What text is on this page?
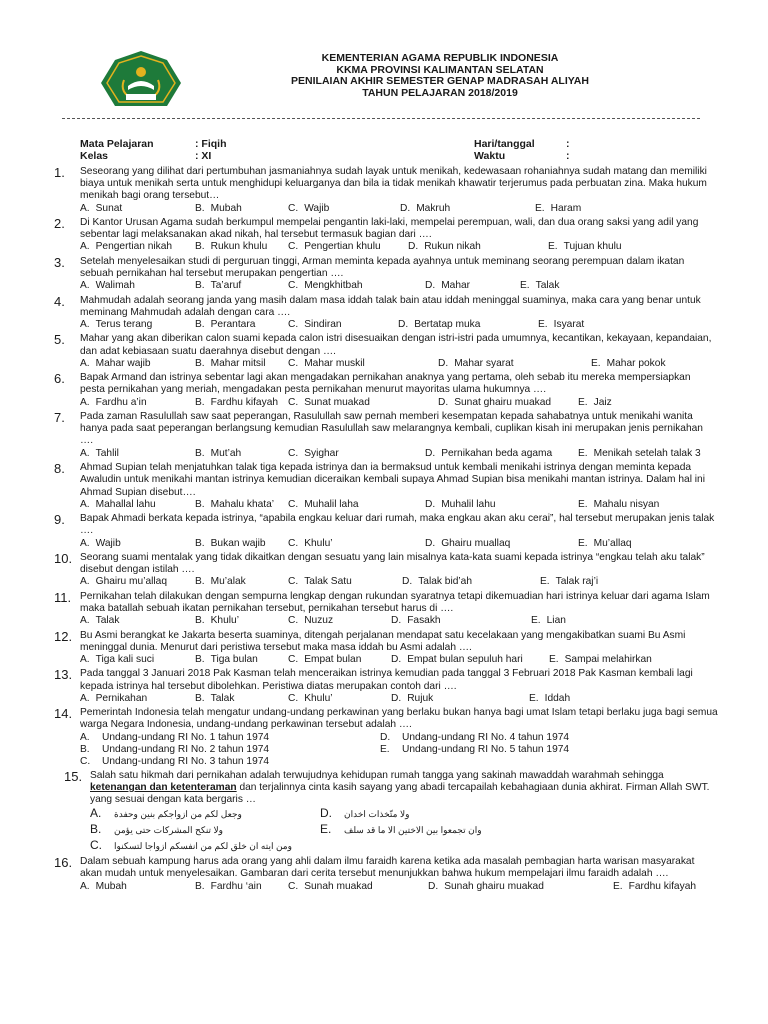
KEMENTERIAN AGAMA REPUBLIK INDONESIA
KKMA PROVINSI KALIMANTAN SELATAN
PENILAIAN AKHIR SEMESTER GENAP MADRASAH ALIYAH
TAHUN PELAJARAN 2018/2019
Mata Pelajaran	: Fiqih
Kelas	: XI
Hari/tanggal	:
Waktu	:
1. Seseorang yang dilihat dari pertumbuhan jasmaniahnya sudah layak untuk menikah, kedewasaan rohaniahnya sudah matang dan memiliki biaya untuk menikah serta untuk menghidupi keluarganya dan bila ia tidak menikah khawatir terjerumus pada perbuatan zina. Maka hukum menikah bagi orang tersebut…
A. Sunat	B. Mubah	C. Wajib	D. Makruh	E. Haram
2. Di Kantor Urusan Agama sudah berkumpul mempelai pengantin laki-laki, mempelai perempuan, wali, dan dua orang saksi yang adil yang sebentar lagi melaksanakan akad nikah, hal tersebut termasuk bagian dari ….
A. Pengertian nikah	B. Rukun khulu	C. Pengertian khulu	D. Rukun nikah	E. Tujuan khulu
3. Setelah menyelesaikan studi di perguruan tinggi, Arman meminta kepada ayahnya untuk meminang seorang perempuan dalam ikatan sebuah pernikahan hal tersebut merupakan pengertian ….
A. Walimah	B. Ta’aruf	C. Mengkhitbah	D. Mahar	E. Talak
4. Mahmudah adalah seorang janda yang masih dalam masa iddah talak bain atau iddah meninggal suaminya, maka cara yang benar untuk meminang Mahmudah adalah dengan cara ….
A. Terus terang	B. Perantara	C. Sindiran	D. Bertatap muka	E. Isyarat
5. Mahar yang akan diberikan calon suami kepada calon istri disesuaikan dengan istri-istri pada umumnya, kecantikan, kekayaan, kepandaian, dan adat kebiasaan suatu daerahnya disebut dengan ….
A. Mahar wajib	B. Mahar mitsil	C. Mahar muskil	D. Mahar syarat	E. Mahar pokok
6. Bapak Armand dan istrinya sebentar lagi akan mengadakan pernikahan anaknya yang pertama, oleh sebab itu mereka mempersiapkan pesta pernikahan yang meriah, mengadakan pesta pernikahan menurut mayoritas ulama hukumnya ….
A. Fardhu a’in	B. Fardhu kifayah C. Sunat muakad	D. Sunat ghairu muakad	E. Jaiz
7. Pada zaman Rasulullah saw saat peperangan, Rasulullah saw pernah memberi kesempatan kepada sahabatnya untuk menikahi wanita hanya pada saat peperangan berlangsung kemudian Rasulullah saw melarangnya kembali, cuplikan kisah ini merupakan jenis pernikahan ….
A. Tahlil	B. Mut’ah	C. Syighar	D. Pernikahan beda agama	E. Menikah setelah talak 3
8. Ahmad Supian telah menjatuhkan talak tiga kepada istrinya dan ia bermaksud untuk kembali menikahi istrinya dengan meminta kepada Awaludin untuk menikahi mantan istrinya kemudian diceraikan kembali supaya Ahmad Supian bisa menikahi mantan istrinya. Dalam hal ini Ahmad Supian disebut….
A. Mahallal lahu	B. Mahalu khata’	C. Muhalil laha	D. Muhalil lahu	E. Mahalu nisyan
9. Bapak Ahmadi berkata kepada istrinya, “apabila engkau keluar dari rumah, maka engkau akan aku cerai”, hal tersebut merupakan jenis talak ….
A. Wajib	B. Bukan wajib	C. Khulu’	D. Ghairu muallaq	E. Mu’allaq
10. Seorang suami mentalak yang tidak dikaitkan dengan sesuatu yang lain misalnya kata-kata suami kepada istrinya “engkau telah aku talak” disebut dengan istilah ….
A. Ghairu mu’allaq	B. Mu’alak	C. Talak Satu	D. Talak bid’ah	E. Talak raj’i
11. Pernikahan telah dilakukan dengan sempurna lengkap dengan rukundan syaratnya tetapi dikemuadian hari istrinya keluar dari agama Islam maka batallah sebuah ikatan pernikahan tersebut, pernikahan tersebut harus di ….
A. Talak	B. Khulu’	C. Nuzuz	D. Fasakh	E. Lian
12. Bu Asmi berangkat ke Jakarta beserta suaminya, ditengah perjalanan mendapat satu kecelakaan yang mengakibatkan suami Bu Asmi meninggal dunia. Menurut dari peristiwa tersebut maka masa iddah bu Asmi adalah ….
A. Tiga kali suci	B. Tiga bulan	C. Empat bulan	D. Empat bulan sepuluh hari	E. Sampai melahirkan
13. Pada tanggal 3 Januari 2018 Pak Kasman telah menceraikan istrinya kemudian pada tanggal 3 Februari 2018 Pak Kasman kembali lagi kepada istrinya hal tersebut dibolehkan. Peristiwa diatas merupakan contoh dari ….
A. Pernikahan	B. Talak	C. Khulu’	D. Rujuk	E. Iddah
14. Pemerintah Indonesia telah mengatur undang-undang perkawinan yang berlaku bukan hanya bagi umat Islam tetapi berlaku juga bagi semua warga Negara Indonesia, undang-undang perkawinan tersebut adalah ….
A. Undang-undang RI No. 1 tahun 1974	D. Undang-undang RI No. 4 tahun 1974
B. Undang-undang RI No. 2 tahun 1974	E. Undang-undang RI No. 5 tahun 1974
C. Undang-undang RI No. 3 tahun 1974
15. Salah satu hikmah dari pernikahan adalah terwujudnya kehidupan rumah tangga yang sakinah mawaddah warahmah sehingga ketenangan dan ketenteraman dan terjalinnya cinta kasih sayang yang abadi tercapailah kebahagiaan dunia akhirat. Firman Allah SWT. yang sesuai dengan kata bergaris …
A. وجعل لكم من ازواجكم بنين وحفدة	D. ولا متّخذات اخدان
B. ولا تنكح المشركات حتى يؤمن	E. وان تجمعوا بين الاختين الا ما قد سلف
C. ومن ايته ان خلق لكم من انفسكم ازواجا لتسكنوا
16. Dalam sebuah kampung harus ada orang yang ahli dalam ilmu faraidh karena ketika ada masalah pembagian harta warisan masyarakat akan mudah untuk menyelesaikan. Gambaran dari cerita tersebut menunjukkan bahwa hukum mempelajari ilmu faraidh adalah ….
A. Mubah	B. Fardhu ‘ain	C. Sunah muakad	D. Sunah ghairu muakad	E. Fardhu kifayah
